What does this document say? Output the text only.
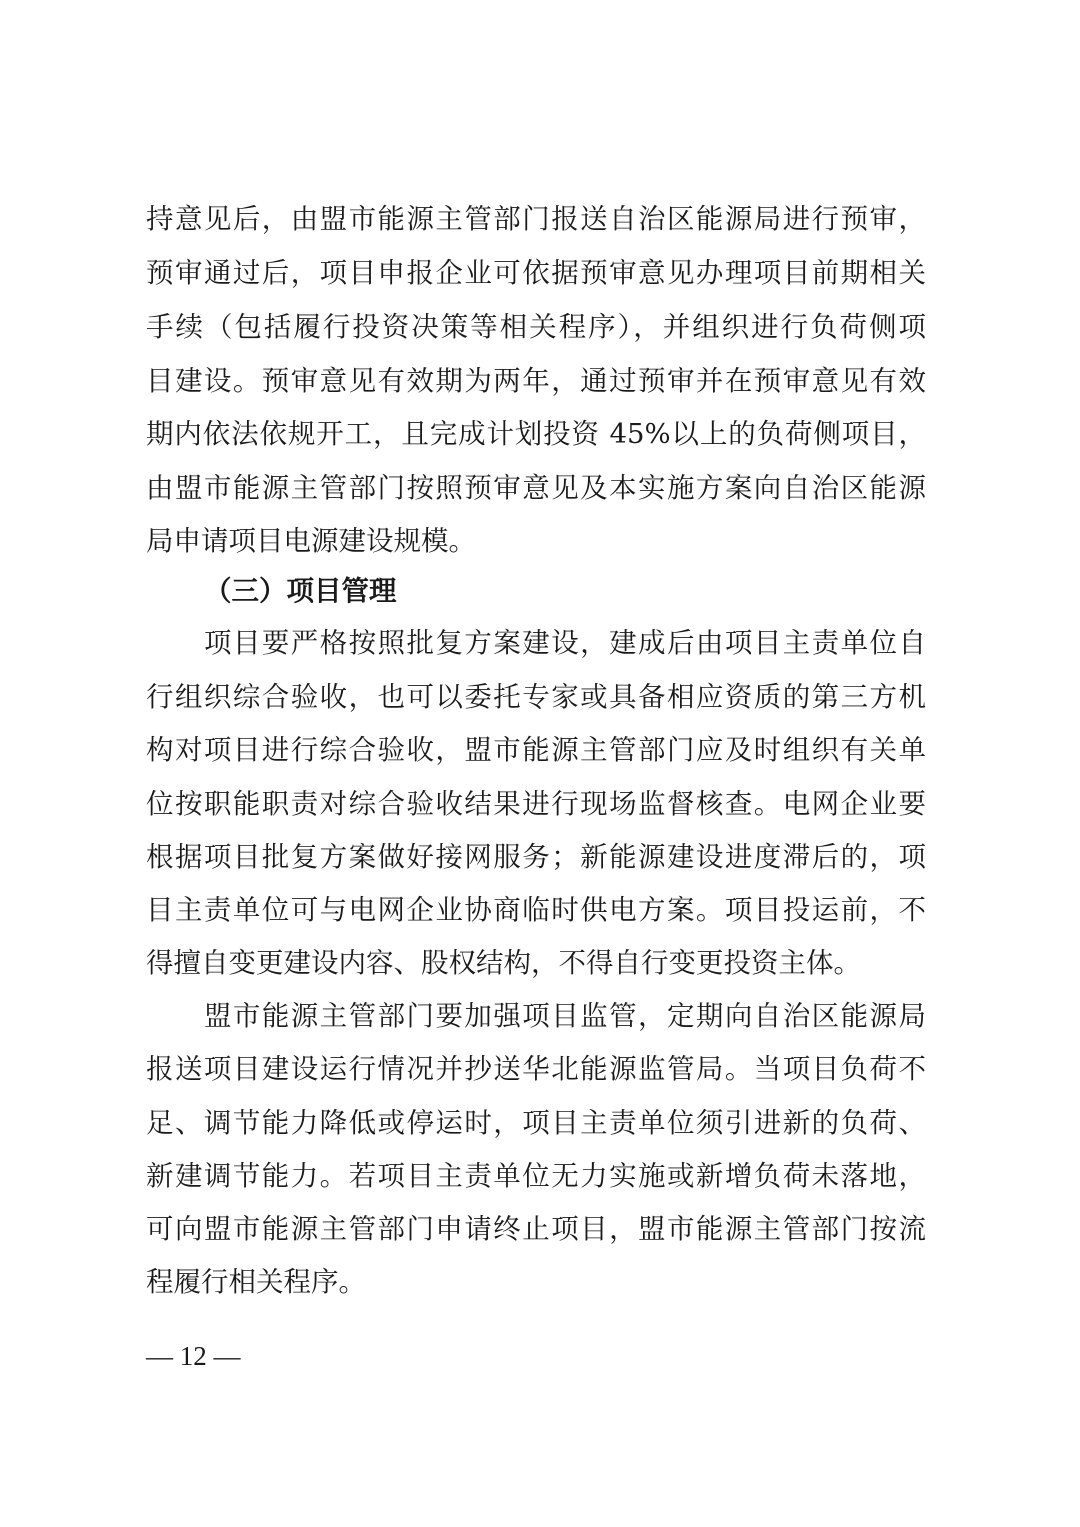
持意见后，由盟市能源主管部门报送自治区能源局进行预审，
预审通过后，项目申报企业可依据预审意见办理项目前期相关
手续（包括履行投资决策等相关程序），并组织进行负荷侧项
目建设。预审意见有效期为两年，通过预审并在预审意见有效
期内依法依规开工，且完成计划投资 45%以上的负荷侧项目，
由盟市能源主管部门按照预审意见及本实施方案向自治区能源
局申请项目电源建设规模。
（三）项目管理
项目要严格按照批复方案建设，建成后由项目主责单位自
行组织综合验收，也可以委托专家或具备相应资质的第三方机
构对项目进行综合验收，盟市能源主管部门应及时组织有关单
位按职能职责对综合验收结果进行现场监督核查。电网企业要
根据项目批复方案做好接网服务；新能源建设进度滞后的，项
目主责单位可与电网企业协商临时供电方案。项目投运前，不
得擅自变更建设内容、股权结构，不得自行变更投资主体。
盟市能源主管部门要加强项目监管，定期向自治区能源局
报送项目建设运行情况并抄送华北能源监管局。当项目负荷不
足、调节能力降低或停运时，项目主责单位须引进新的负荷、
新建调节能力。若项目主责单位无力实施或新增负荷未落地，
可向盟市能源主管部门申请终止项目，盟市能源主管部门按流
程履行相关程序。
— 12 —
